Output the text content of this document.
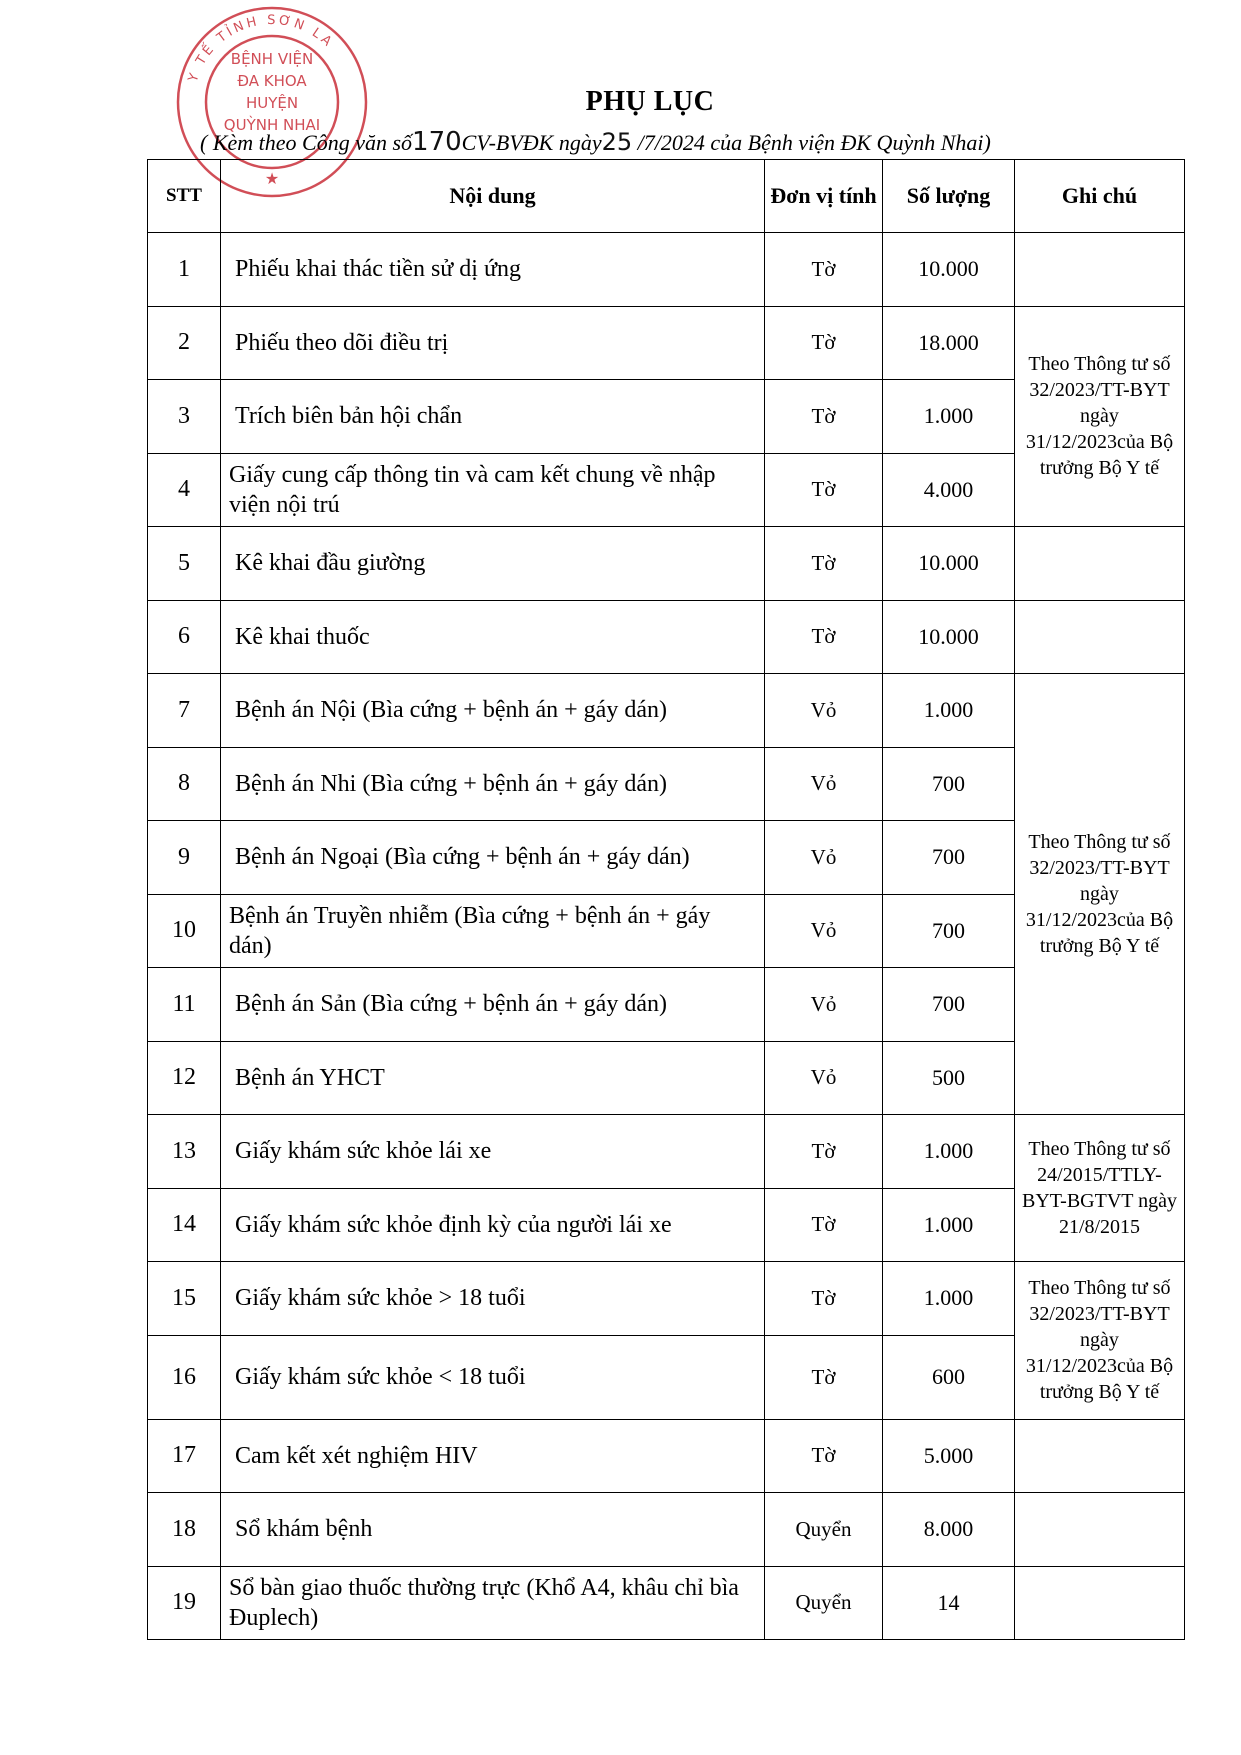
Y TẾ TỈNH SƠN LA
BỆNH VIỆN
ĐA KHOA
HUYỆN
QUỲNH NHAI
★
PHỤ LỤC
( Kèm theo Công văn số170CV-BVĐK ngày25 /7/2024 của Bệnh viện ĐK Quỳnh Nhai)
STT	Nội dung	Đơn vị tính	Số lượng	Ghi chú
1	Phiếu khai thác tiền sử dị ứng	Tờ	10.000	
2	Phiếu theo dõi điều trị	Tờ	18.000	Theo Thông tư số 32/2023/TT-BYT ngày 31/12/2023của Bộ trưởng Bộ Y tế
3	Trích biên bản hội chẩn	Tờ	1.000	
4	Giấy cung cấp thông tin và cam kết chung về nhập viện nội trú	Tờ	4.000	
5	Kê khai đầu giường	Tờ	10.000	
6	Kê khai thuốc	Tờ	10.000	
7	Bệnh án Nội (Bìa cứng + bệnh án + gáy dán)	Vỏ	1.000	Theo Thông tư số 32/2023/TT-BYT ngày 31/12/2023của Bộ trưởng Bộ Y tế
8	Bệnh án Nhi (Bìa cứng + bệnh án + gáy dán)	Vỏ	700	
9	Bệnh án Ngoại (Bìa cứng + bệnh án + gáy dán)	Vỏ	700	
10	Bệnh án Truyền nhiễm (Bìa cứng + bệnh án + gáy dán)	Vỏ	700	
11	Bệnh án Sản (Bìa cứng + bệnh án + gáy dán)	Vỏ	700	
12	Bệnh án YHCT	Vỏ	500	
13	Giấy khám sức khỏe lái xe	Tờ	1.000	Theo Thông tư số 24/2015/TTLY-BYT-BGTVT ngày 21/8/2015
14	Giấy khám sức khỏe định kỳ của người lái xe	Tờ	1.000	
15	Giấy khám sức khỏe > 18 tuổi	Tờ	1.000	Theo Thông tư số 32/2023/TT-BYT ngày 31/12/2023của Bộ trưởng Bộ Y tế
16	Giấy khám sức khỏe < 18 tuổi	Tờ	600	
17	Cam kết xét nghiệm HIV	Tờ	5.000	
18	Sổ khám bệnh	Quyển	8.000	
19	Sổ bàn giao thuốc thường trực (Khổ A4, khâu chỉ bìa Đuplech)	Quyển	14	
